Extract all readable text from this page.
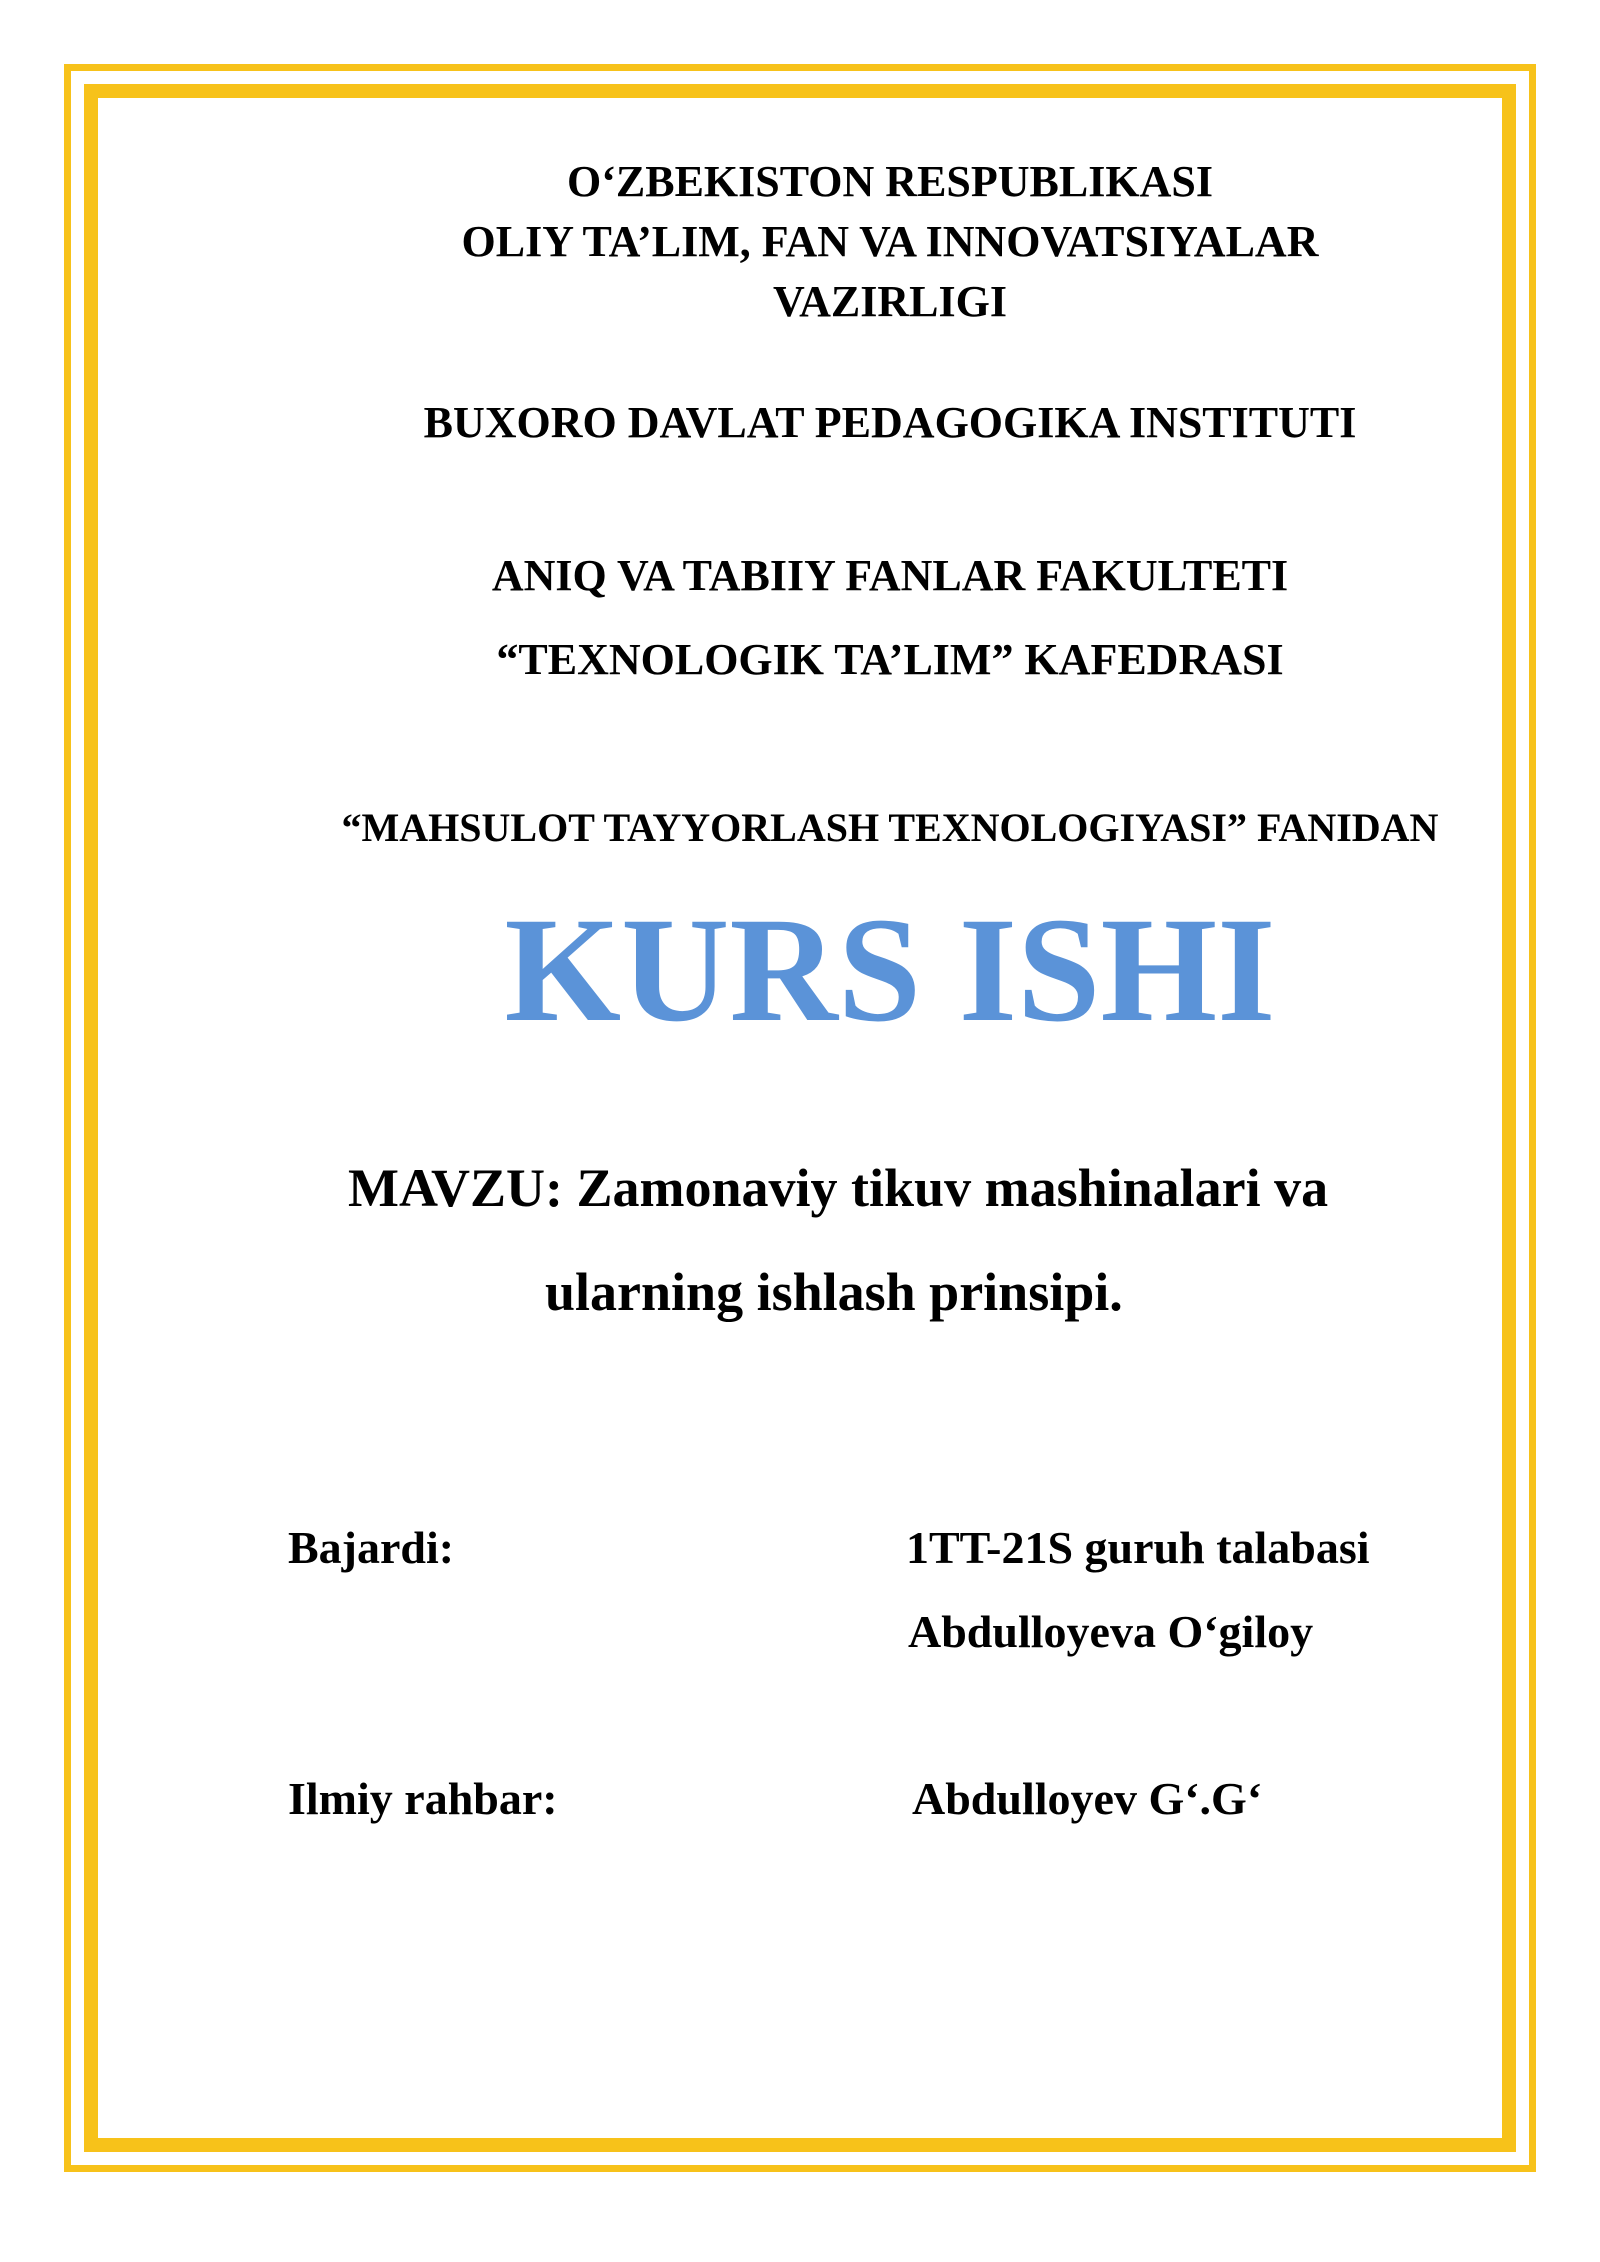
O‘ZBEKISTON RESPUBLIKASI
OLIY TA’LIM, FAN VA INNOVATSIYALAR
VAZIRLIGI
BUXORO DAVLAT PEDAGOGIKA INSTITUTI
ANIQ VA TABIIY FANLAR FAKULTETI
“TEXNOLOGIK TA’LIM” KAFEDRASI
“MAHSULOT TAYYORLASH TEXNOLOGIYASI” FANIDAN
KURS ISHI
MAVZU: Zamonaviy tikuv mashinalari va
ularning ishlash prinsipi.
Bajardi:	1TT-21S guruh talabasi
Abdulloyeva O‘giloy
Ilmiy rahbar:	Abdulloyev G‘.G‘
